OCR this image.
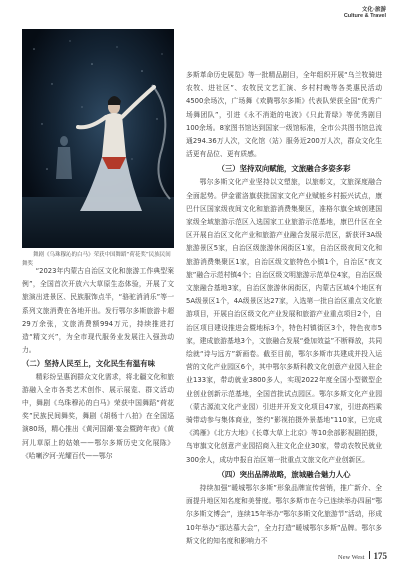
文化·旅游
Culture & Travel
舞剧《乌珠穆沁的白马》荣获中国舞蹈“荷花奖”民族民间舞奖

“2023年内蒙古自治区文化和旅游工作典型案例”，全国首次开放六大草原生态体验，开展了文旅演出进景区、民族服饰点半，“骆驼消消乐”等一系列文旅消费在各地开出。发行鄂尔多斯旅游卡超29万余张，文旅消费额994万元，持续推进打造“精文兴”，为全市现代服务业发展注入强劲动力。

（二）坚持人民至上，文化民生有温有味

精彩纷呈惠润群众文化需求，将北疆文化和旅游融入全市各类艺术创作、展示展览、群文活动中，舞剧《乌珠穆沁的白马》荣获中国舞蹈“荷花奖”民族民间舞奖，舞剧《胡杨十八拍》在全国巡演80场，精心推出《黄河国潮·宴会暨跨年夜》《黄河儿草原上的姑娘——鄂尔多斯历史文化展陈》《哈喇汐河·光耀百代——鄂尔

多斯革命历史展览》等一批精品剧目，全年组织开展“乌兰牧骑进农牧、进社区”、农牧民文艺汇演、乡村村晚等各类惠民活动4500余场次，广场舞《欢腾鄂尔多斯》代表队荣获全国“优秀广场舞团队”，引进《永不消逝的电波》《只此青绿》等优秀剧目100余场。8家图书馆达到国家一级馆标准，全市公共图书馆总流通294.36万人次，文化馆（站）服务近200万人次，群众文化生活更有品位、更有质感。

（三）坚持双向赋能，文旅融合多姿多彩

鄂尔多斯文化产业坚持以文塑旅，以旅彰文，文旅深度融合全面起势。伊金霍洛旗获批国家文化产业赋能乡村振兴试点，康巴什区国家级夜间文化和旅游消费集聚区，准格尔旗全域创建国家级全域旅游示范区入选国家工业旅游示范基地，康巴什区在全区开展自治区文化产业和旅游产业融合发展示范区，新获评3A级旅游景区5家，自治区级旅游休闲街区1家，自治区级夜间文化和旅游消费集聚区1家，自治区级文旅特色小镇1个，自治区“夜文旅”融合示范村镇4个；自治区级文明旅游示范单位4家，自治区级文旅融合基地3家，自治区旅游休闲街区，内蒙古区域4个地区有5A级景区1个，4A级景区达27家，入选第一批自治区重点文化旅游项目，开展自治区级文化产业发展和旅游产业重点项目2个，自治区项目建设推进会暨地标3个，特色村镇街区3个，特色夜市5家，建成旅游基地3个，文旅融合发展“叠加效益”不断释放，共同绘就“诗与远方”新画卷。截至目前，鄂尔多斯市共建成并投入运营的文化产业园区6个，其中鄂尔多斯科教文化创意产业园入驻企业133家，带动就业3800多人，实现2022年度全国小型微型企业创业创新示范基地，全国首批试点园区。鄂尔多斯文化产业园（蒙古源流文化产业园）引进并开发文化项目47家，引进高档乘骑带动参与集体商业，签约“影视拍摄外景基地”110家，已完成《鸿雁》《北方大地》《长尊大草上北京》等10余部影视剧拍摄，鸟审旗文化创意产业园招商入驻文化企业30家，带动农牧民就业300余人，成功申报自治区第一批重点文旅文化产业创新区。

（四）突出品牌战略，旅城融合魅力人心

持续加强“暖城鄂尔多斯”形象品牌宣传营销，推广新介、全面提升地区知名度和美誉度。鄂尔多斯市在今已连续举办四届“鄂尔多斯文博会”，连续15年举办“鄂尔多斯文化旅游节”活动，形成10年举办“那达慕大会”，全力打造“暖城鄂尔多斯”品牌。鄂尔多斯文化的知名度和影响力不

New West 175
